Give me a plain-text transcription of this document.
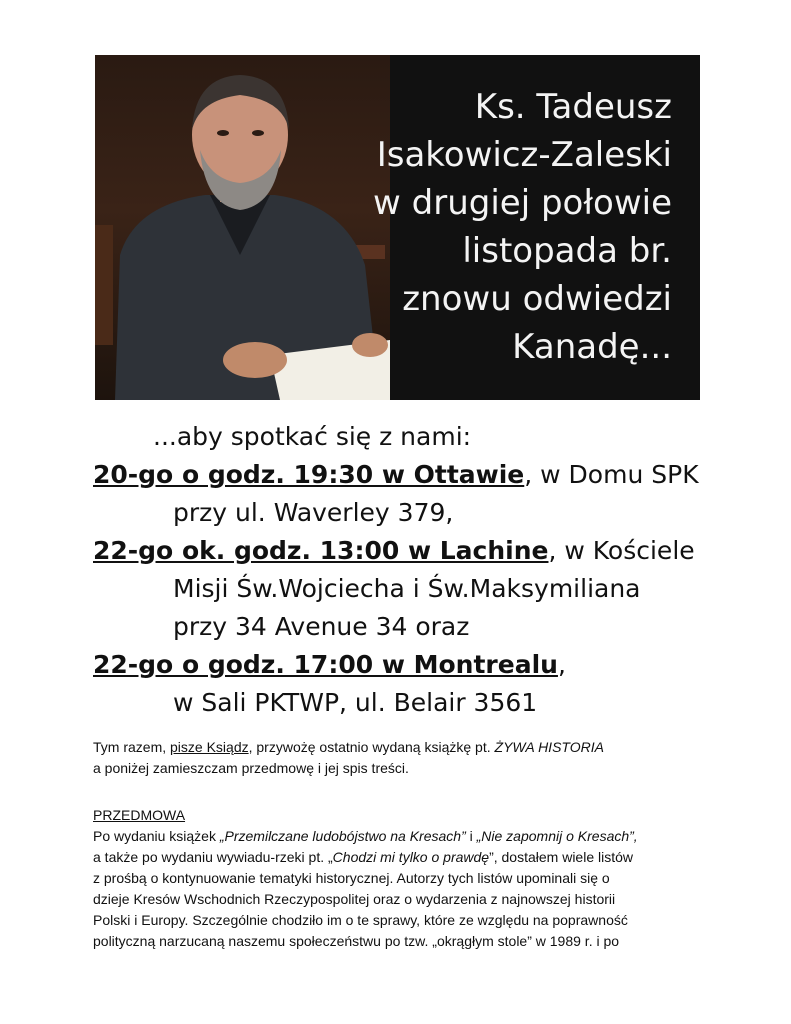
Ks. Tadeusz
Isakowicz-Zaleski
w drugiej połowie
listopada br.
znowu odwiedzi
Kanadę...
...aby spotkać się z nami:
20-go o godz. 19:30 w Ottawie, w Domu SPK
przy ul. Waverley 379,
22-go ok. godz. 13:00 w Lachine, w Kościele
Misji Św.Wojciecha i Św.Maksymiliana
przy 34 Avenue 34 oraz
22-go o godz. 17:00 w Montrealu,
w Sali PKTWP, ul. Belair 3561
Tym razem, pisze Ksiądz, przywożę ostatnio wydaną książkę pt. ŻYWA HISTORIA
a poniżej zamieszczam przedmowę i jej spis treści.
PRZEDMOWA
Po wydaniu książek „Przemilczane ludobójstwo na Kresach” i „Nie zapomnij o Kresach”,
a także po wydaniu wywiadu-rzeki pt. „Chodzi mi tylko o prawdę”, dostałem wiele listów
z prośbą o kontynuowanie tematyki historycznej. Autorzy tych listów upominali się o
dzieje Kresów Wschodnich Rzeczypospolitej oraz o wydarzenia z najnowszej historii
Polski i Europy. Szczególnie chodziło im o te sprawy, które ze względu na poprawność
polityczną narzucaną naszemu społeczeństwu po tzw. „okrągłym stole” w 1989 r. i po
